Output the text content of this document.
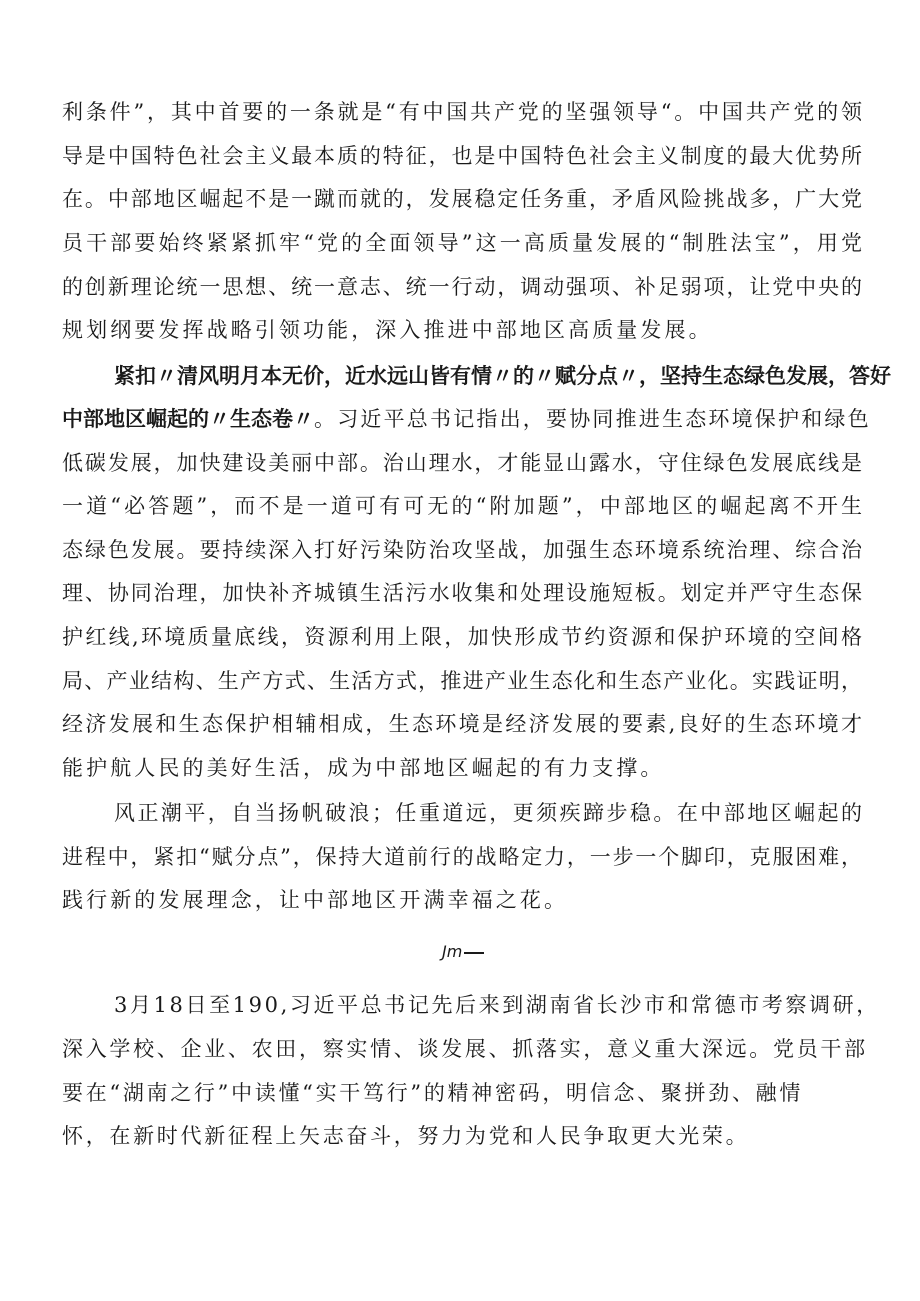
利条件”，其中首要的一条就是“有中国共产党的坚强领导“。中国共产党的领
导是中国特色社会主义最本质的特征，也是中国特色社会主义制度的最大优势所
在。中部地区崛起不是一蹴而就的，发展稳定任务重，矛盾风险挑战多，广大党
员干部要始终紧紧抓牢“党的全面领导”这一高质量发展的“制胜法宝”，用党
的创新理论统一思想、统一意志、统一行动，调动强项、补足弱项，让党中央的
规划纲要发挥战略引领功能，深入推进中部地区高质量发展。
紧扣〃清风明月本无价，近水远山皆有情〃的〃赋分点〃，坚持生态绿色发展，答好
中部地区崛起的〃生态卷〃。习近平总书记指出，要协同推进生态环境保护和绿色
低碳发展，加快建设美丽中部。治山理水，才能显山露水，守住绿色发展底线是
一道“必答题”，而不是一道可有可无的“附加题”，中部地区的崛起离不开生
态绿色发展。要持续深入打好污染防治攻坚战，加强生态环境系统治理、综合治
理、协同治理，加快补齐城镇生活污水收集和处理设施短板。划定并严守生态保
护红线,环境质量底线，资源利用上限，加快形成节约资源和保护环境的空间格
局、产业结构、生产方式、生活方式，推进产业生态化和生态产业化。实践证明，
经济发展和生态保护相辅相成，生态环境是经济发展的要素,良好的生态环境才
能护航人民的美好生活，成为中部地区崛起的有力支撑。
风正潮平，自当扬帆破浪；任重道远，更须疾蹄步稳。在中部地区崛起的
进程中，紧扣“赋分点”，保持大道前行的战略定力，一步一个脚印，克服困难，
践行新的发展理念，让中部地区开满幸福之花。
Jm
3月18日至190,习近平总书记先后来到湖南省长沙市和常德市考察调研，
深入学校、企业、农田，察实情、谈发展、抓落实，意义重大深远。党员干部
要在“湖南之行”中读懂“实干笃行”的精神密码，明信念、聚拼劲、融情
怀，在新时代新征程上矢志奋斗，努力为党和人民争取更大光荣。
